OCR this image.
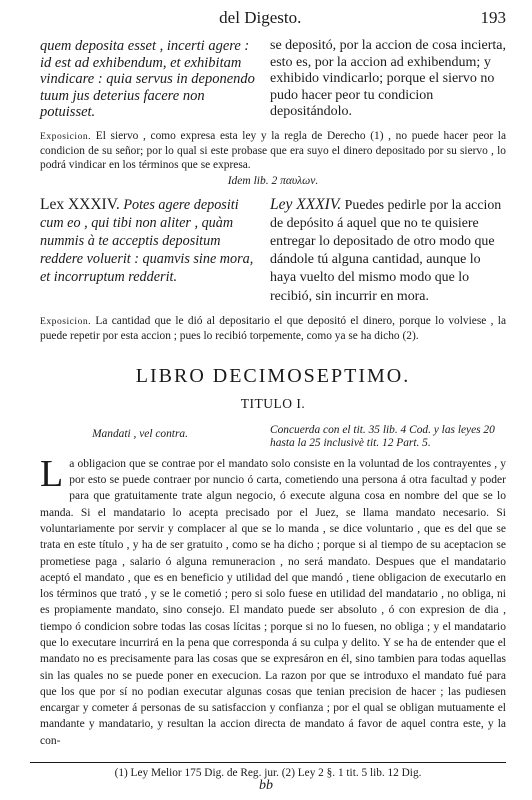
del Digesto.	193
quem deposita esset , incerti agere : id est ad exhibendum, et exhibitam vindicare : quia servus in deponendo tuum jus deterius facere non potuisset.
se depositó, por la accion de cosa incierta, esto es, por la accion ad exhibendum; y exhibido vindicarlo; porque el siervo no pudo hacer peor tu condicion depositándolo.
Exposicion. El siervo , como expresa esta ley y la regla de Derecho (1) , no puede hacer peor la condicion de su señor; por lo qual si este probase que era suyo el dinero depositado por su siervo , lo podrá vindicar en los términos que se expresa.
Idem lib. 2 παυλων.
Lex XXXIV. Potes agere depositi cum eo , qui tibi non aliter , quàm nummis à te acceptis depositum reddere voluerit : quamvis sine mora, et incorruptum redderit.
Ley XXXIV. Puedes pedirle por la accion de depósito á aquel que no te quisiere entregar lo depositado de otro modo que dándole tú alguna cantidad, aunque lo haya vuelto del mismo modo que lo recibió, sin incurrir en mora.
Exposicion. La cantidad que le dió al depositario el que depositó el dinero, porque lo volviese , la puede repetir por esta accion ; pues lo recibió torpemente, como ya se ha dicho (2).
LIBRO DECIMOSEPTIMO.
TITULO I.
Mandati , vel contra.	Concuerda con el tit. 35 lib. 4 Cod. y las leyes 20 hasta la 25 inclusivè tit. 12 Part. 5.
La obligacion que se contrae por el mandato solo consiste en la voluntad de los contrayentes , y por esto se puede contraer por nuncio ó carta, cometiendo una persona á otra facultad y poder para que gratuitamente trate algun negocio, ó execute alguna cosa en nombre del que se lo manda. Si el mandatario lo acepta precisado por el Juez, se llama mandato necesario. Si voluntariamente por servir y complacer al que se lo manda , se dice voluntario , que es del que se trata en este título , y ha de ser gratuito , como se ha dicho ; porque si al tiempo de su aceptacion se prometiese paga , salario ó alguna remuneracion , no será mandato. Despues que el mandatario aceptó el mandato , que es en beneficio y utilidad del que mandó , tiene obligacion de executarlo en los términos que trató , y se le cometió ; pero si solo fuese en utilidad del mandatario , no obliga, ni es propiamente mandato, sino consejo. El mandato puede ser absoluto , ó con expresion de dia , tiempo ó condicion sobre todas las cosas lícitas ; porque si no lo fuesen, no obliga ; y el mandatario que lo executare incurrirá en la pena que corresponda á su culpa y delito. Y se ha de entender que el mandato no es precisamente para las cosas que se expresáron en él, sino tambien para todas aquellas sin las quales no se puede poner en execucion. La razon por que se introduxo el mandato fué para que los que por sí no podian executar algunas cosas que tenian precision de hacer ; las pudiesen encargar y cometer á personas de su satisfaccion y confianza ; por el qual se obligan mutuamente el mandante y mandatario, y resultan la accion directa de mandato á favor de aquel contra este, y la con-
(1) Ley Melior 175 Dig. de Reg. jur. (2) Ley 2 §. 1 tit. 5 lib. 12 Dig.
bb
